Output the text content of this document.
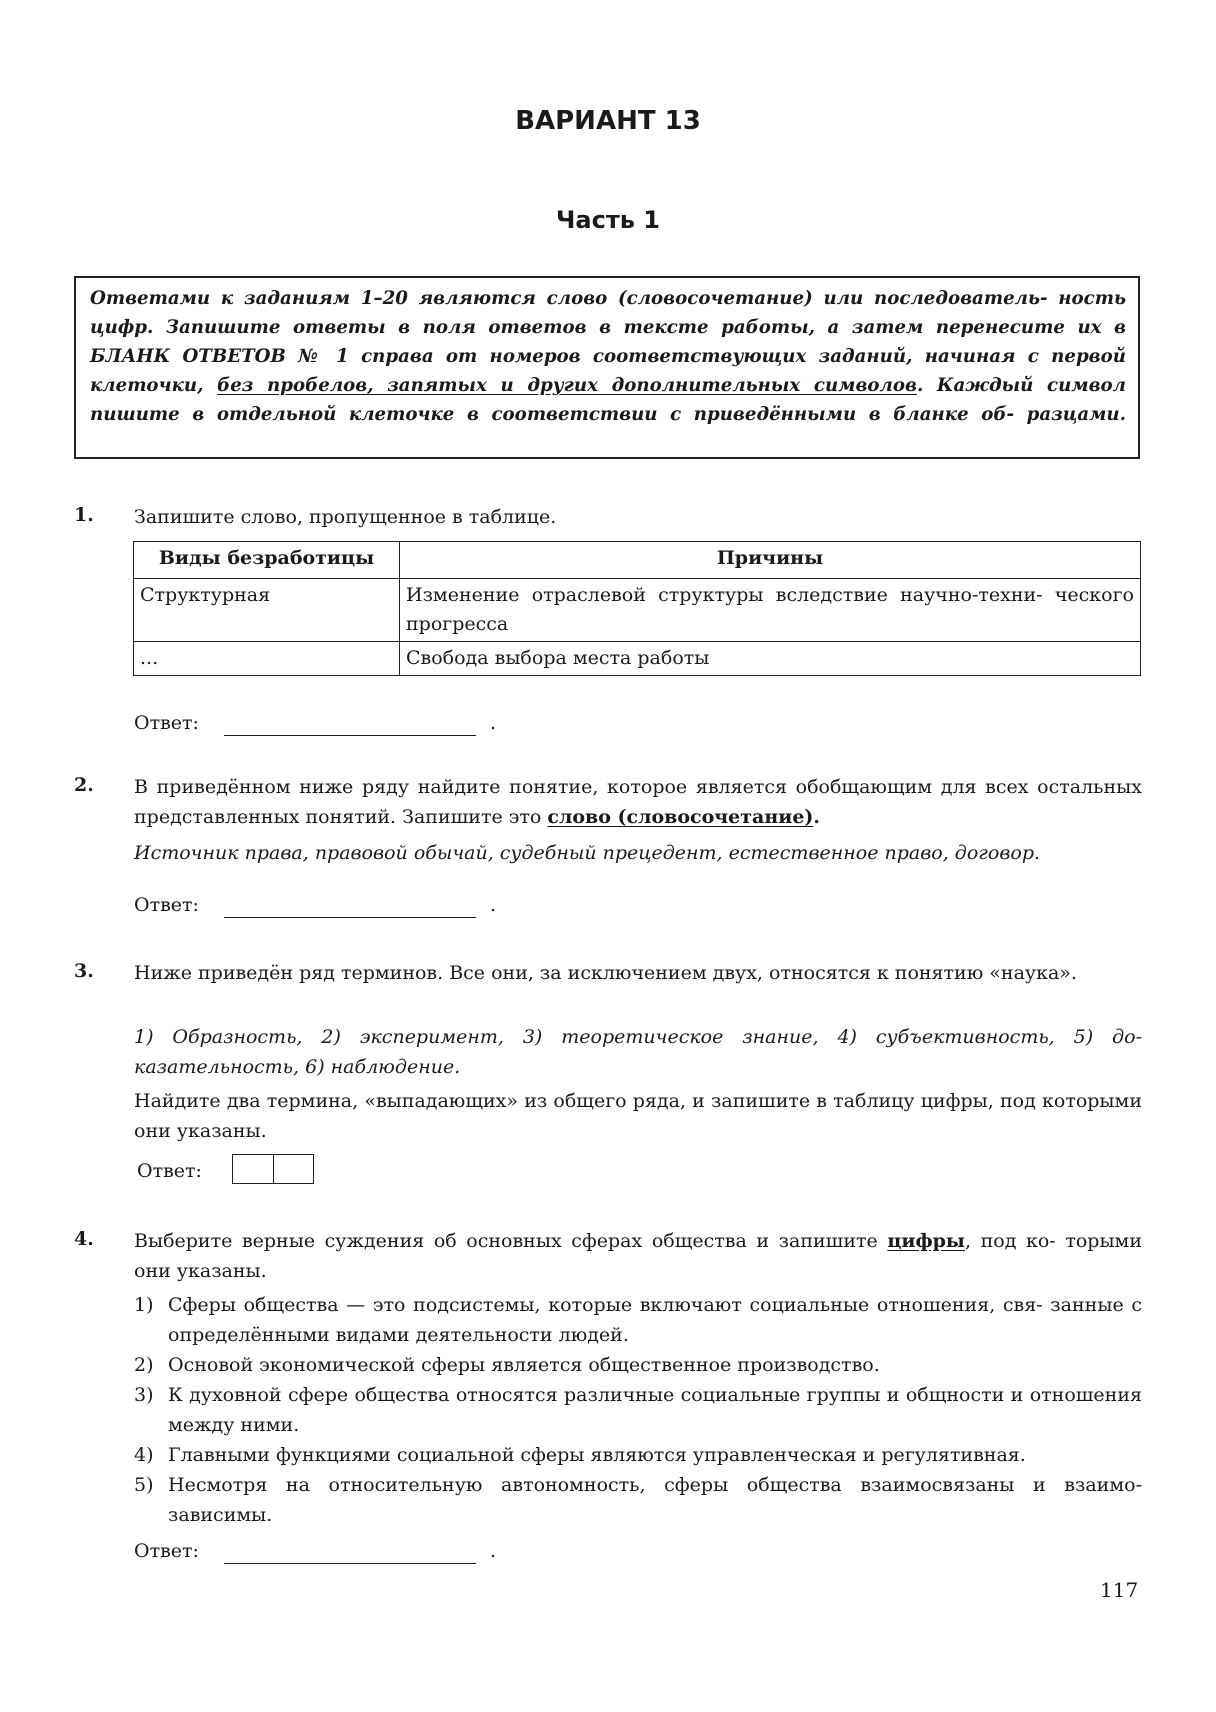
ВАРИАНТ 13
Часть 1
Ответами к заданиям 1–20 являются слово (словосочетание) или последователь- ность цифр. Запишите ответы в поля ответов в тексте работы, а затем перенесите их в БЛАНК ОТВЕТОВ № 1 справа от номеров соответствующих заданий, начиная с первой клеточки, без пробелов, запятых и других дополнительных символов. Каждый символ пишите в отдельной клеточке в соответствии с приведёнными в бланке об- разцами.
1. Запишите слово, пропущенное в таблице.
Виды безработицы	Причины
Структурная	Изменение отраслевой структуры вследствие научно-техни- ческого прогресса
...	Свобода выбора места работы
Ответ:	.
2. В приведённом ниже ряду найдите понятие, которое является обобщающим для всех остальных представленных понятий. Запишите это слово (словосочетание).
Источник права, правовой обычай, судебный прецедент, естественное право, договор.
Ответ:	.
3. Ниже приведён ряд терминов. Все они, за исключением двух, относятся к понятию «наука».
1) Образность, 2) эксперимент, 3) теоретическое знание, 4) субъективность, 5) до- казательность, 6) наблюдение.
Найдите два термина, «выпадающих» из общего ряда, и запишите в таблицу цифры, под которыми они указаны.
Ответ:
4. Выберите верные суждения об основных сферах общества и запишите цифры, под ко- торыми они указаны.
1) Сферы общества — это подсистемы, которые включают социальные отношения, свя- занные с определёнными видами деятельности людей.
2) Основой экономической сферы является общественное производство.
3) К духовной сфере общества относятся различные социальные группы и общности и отношения между ними.
4) Главными функциями социальной сферы являются управленческая и регулятивная.
5) Несмотря на относительную автономность, сферы общества взаимосвязаны и взаимо- зависимы.
Ответ:	.
117
